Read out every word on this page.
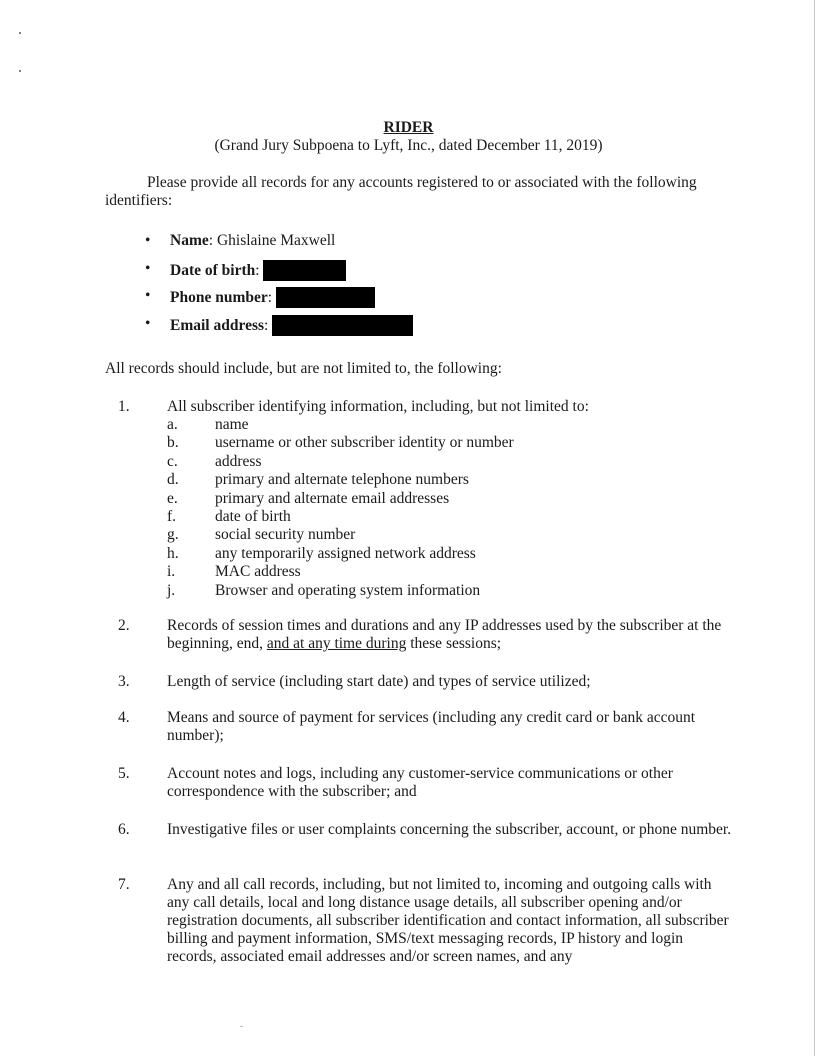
RIDER
(Grand Jury Subpoena to Lyft, Inc., dated December 11, 2019)
Please provide all records for any accounts registered to or associated with the following identifiers:
• Name: Ghislaine Maxwell
• Date of birth:
• Phone number:
• Email address:
All records should include, but are not limited to, the following:
1. All subscriber identifying information, including, but not limited to:
a. name
b. username or other subscriber identity or number
c. address
d. primary and alternate telephone numbers
e. primary and alternate email addresses
f.	date of birth
g. social security number
h. any temporarily assigned network address
i.	MAC address
j.	Browser and operating system information
2. Records of session times and durations and any IP addresses used by the subscriber at the beginning, end, and at any time during these sessions;
3. Length of service (including start date) and types of service utilized;
4. Means and source of payment for services (including any credit card or bank account number);
5. Account notes and logs, including any customer-service communications or other correspondence with the subscriber; and
6. Investigative files or user complaints concerning the subscriber, account, or phone number.
7. Any and all call records, including, but not limited to, incoming and outgoing calls with any call details, local and long distance usage details, all subscriber opening and/or registration documents, all subscriber identification and contact information, all subscriber billing and payment information, SMS/text messaging records, IP history and login records, associated email addresses and/or screen names, and any
